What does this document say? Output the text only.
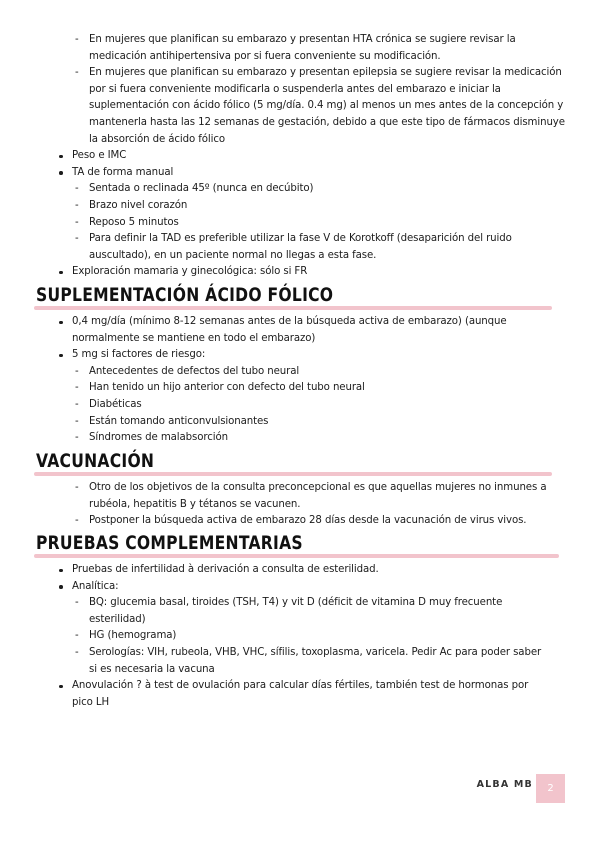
- En mujeres que planifican su embarazo y presentan HTA crónica se sugiere revisar la medicación antihipertensiva por si fuera conveniente su modificación.
- En mujeres que planifican su embarazo y presentan epilepsia se sugiere revisar la medicación por si fuera conveniente modificarla o suspenderla antes del embarazo e iniciar la suplementación con ácido fólico (5 mg/día. 0.4 mg) al menos un mes antes de la concepción y mantenerla hasta las 12 semanas de gestación, debido a que este tipo de fármacos disminuye la absorción de ácido fólico
Peso e IMC
TA de forma manual
- Sentada o reclinada 45º (nunca en decúbito)
- Brazo nivel corazón
- Reposo 5 minutos
- Para definir la TAD es preferible utilizar la fase V de Korotkoff (desaparición del ruido auscultado), en un paciente normal no llegas a esta fase.
Exploración mamaria y ginecológica: sólo si FR
SUPLEMENTACIÓN ÁCIDO FÓLICO
0,4 mg/día (mínimo 8-12 semanas antes de la búsqueda activa de embarazo) (aunque normalmente se mantiene en todo el embarazo)
5 mg si factores de riesgo:
- Antecedentes de defectos del tubo neural
- Han tenido un hijo anterior con defecto del tubo neural
- Diabéticas
- Están tomando anticonvulsionantes
- Síndromes de malabsorción
VACUNACIÓN
- Otro de los objetivos de la consulta preconcepcional es que aquellas mujeres no inmunes a rubéola, hepatitis B y tétanos se vacunen.
- Postponer la búsqueda activa de embarazo 28 días desde la vacunación de virus vivos.
PRUEBAS COMPLEMENTARIAS
Pruebas de infertilidad à derivación a consulta de esterilidad.
Analítica:
- BQ: glucemia basal, tiroides (TSH, T4) y vit D (déficit de vitamina D muy frecuente esterilidad)
- HG (hemograma)
- Serologías: VIH, rubeola, VHB, VHC, sífilis, toxoplasma, varicela. Pedir Ac para poder saber si es necesaria la vacuna
Anovulación ? à test de ovulación para calcular días fértiles, también test de hormonas por pico LH
ALBA MB	2
